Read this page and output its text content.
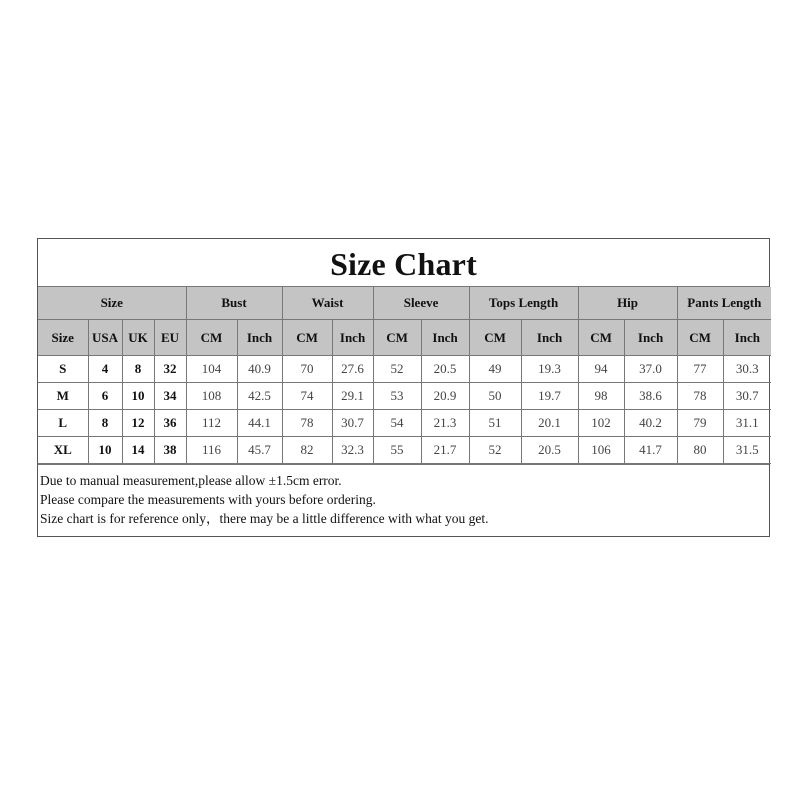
Size Chart
Size				Bust		Waist		Sleeve		Tops Length		Hip		Pants Length	
Size	USA	UK	EU	CM	Inch	CM	Inch	CM	Inch	CM	Inch	CM	Inch	CM	Inch
S	4	8	32	104	40.9	70	27.6	52	20.5	49	19.3	94	37.0	77	30.3
M	6	10	34	108	42.5	74	29.1	53	20.9	50	19.7	98	38.6	78	30.7
L	8	12	36	112	44.1	78	30.7	54	21.3	51	20.1	102	40.2	79	31.1
XL	10	14	38	116	45.7	82	32.3	55	21.7	52	20.5	106	41.7	80	31.5
Due to manual measurement,please allow ±1.5cm error.
Please compare the measurements with yours before ordering.
Size chart is for reference only，there may be a little difference with what you get.
